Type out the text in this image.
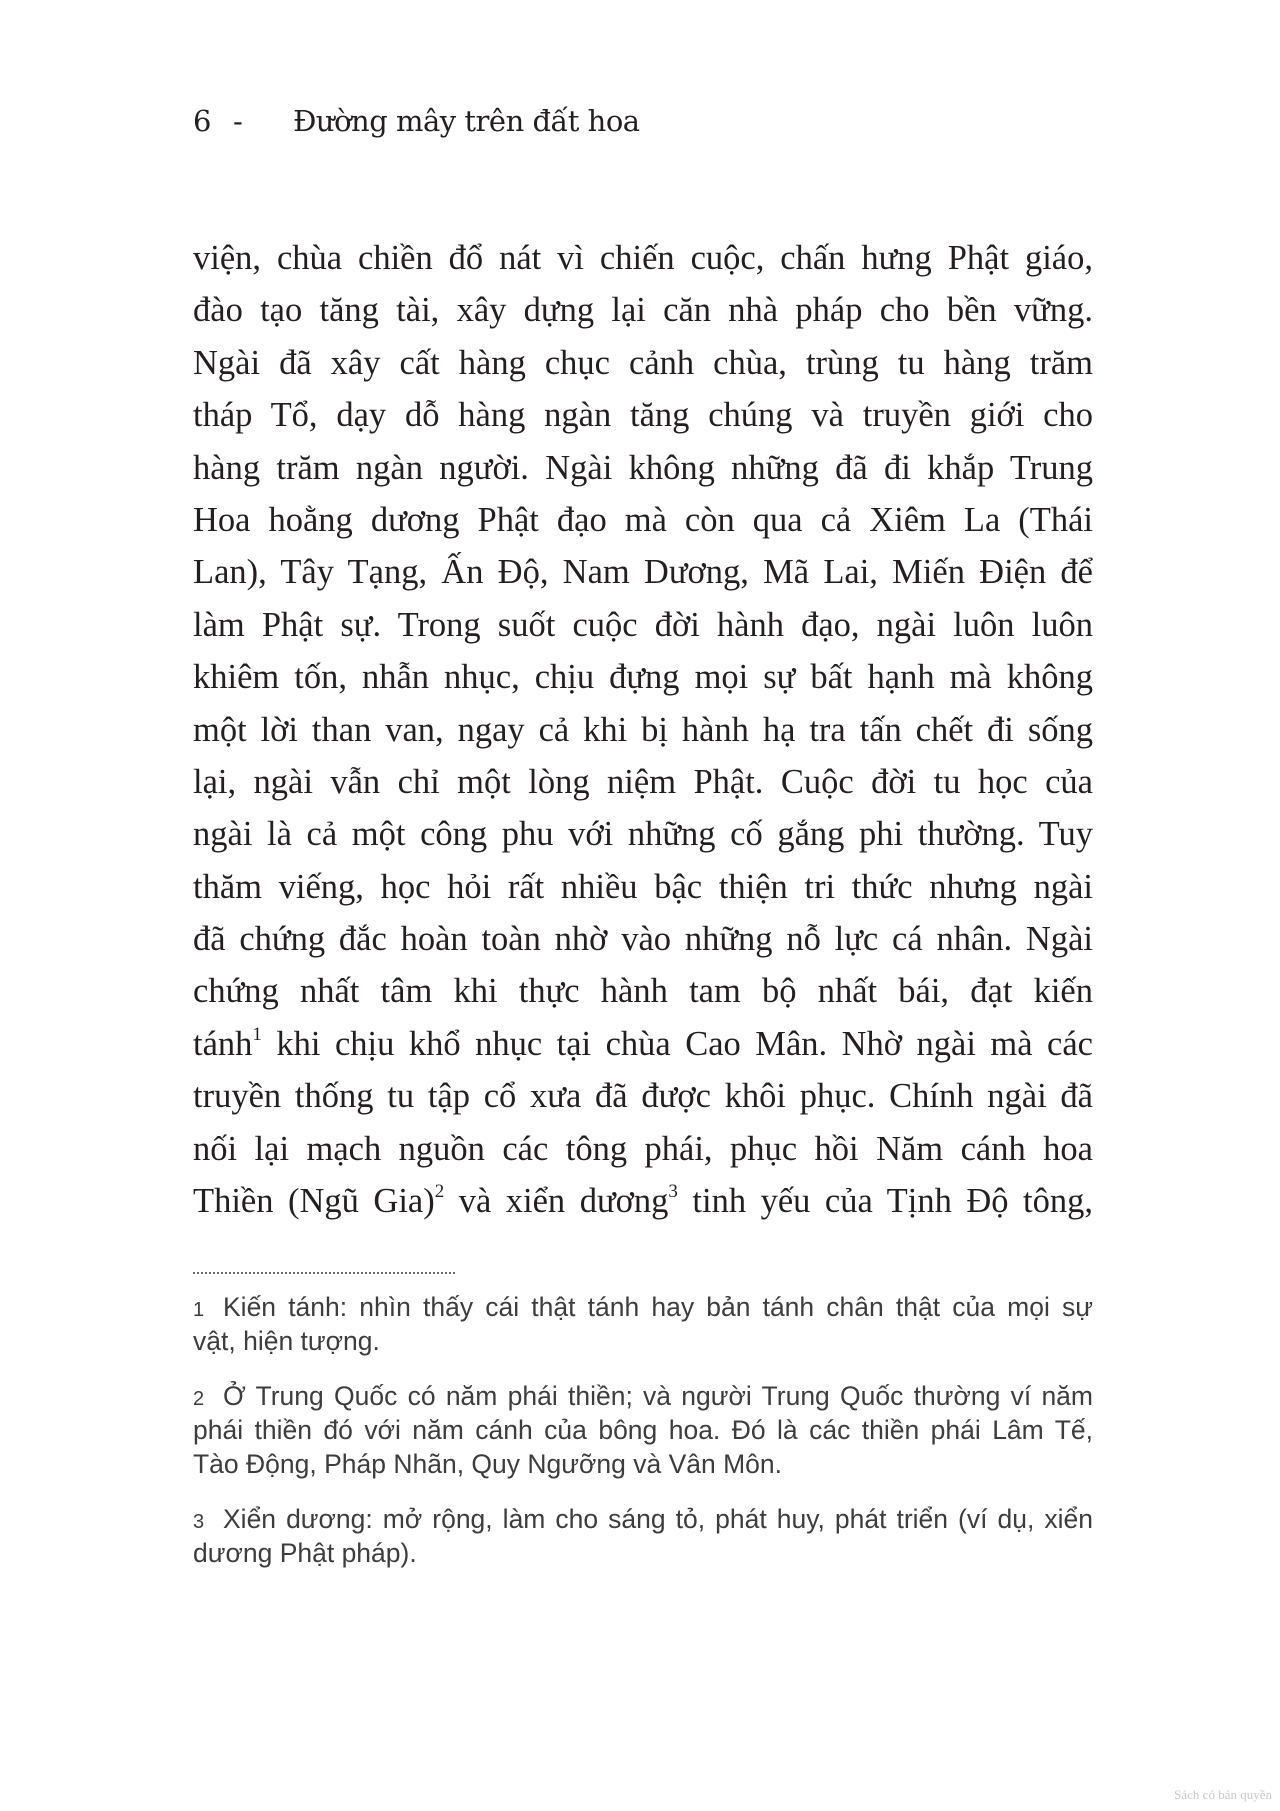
6 - Đường mây trên đất hoa
viện, chùa chiền đổ nát vì chiến cuộc, chấn hưng Phật giáo,
đào tạo tăng tài, xây dựng lại căn nhà pháp cho bền vững.
Ngài đã xây cất hàng chục cảnh chùa, trùng tu hàng trăm
tháp Tổ, dạy dỗ hàng ngàn tăng chúng và truyền giới cho
hàng trăm ngàn người. Ngài không những đã đi khắp Trung
Hoa hoằng dương Phật đạo mà còn qua cả Xiêm La (Thái
Lan), Tây Tạng, Ấn Độ, Nam Dương, Mã Lai, Miến Điện để
làm Phật sự. Trong suốt cuộc đời hành đạo, ngài luôn luôn
khiêm tốn, nhẫn nhục, chịu đựng mọi sự bất hạnh mà không
một lời than van, ngay cả khi bị hành hạ tra tấn chết đi sống
lại, ngài vẫn chỉ một lòng niệm Phật. Cuộc đời tu học của
ngài là cả một công phu với những cố gắng phi thường. Tuy
thăm viếng, học hỏi rất nhiều bậc thiện tri thức nhưng ngài
đã chứng đắc hoàn toàn nhờ vào những nỗ lực cá nhân. Ngài
chứng nhất tâm khi thực hành tam bộ nhất bái, đạt kiến
tánh$^1$ khi chịu khổ nhục tại chùa Cao Mân. Nhờ ngài mà các
truyền thống tu tập cổ xưa đã được khôi phục. Chính ngài đã
nối lại mạch nguồn các tông phái, phục hồi Năm cánh hoa
Thiền (Ngũ Gia)$^2$ và xiển dương$^3$ tinh yếu của Tịnh Độ tông,
1 Kiến tánh: nhìn thấy cái thật tánh hay bản tánh chân thật của mọi sự
vật, hiện tượng.
2 Ở Trung Quốc có năm phái thiền; và người Trung Quốc thường ví năm
phái thiền đó với năm cánh của bông hoa. Đó là các thiền phái Lâm Tế,
Tào Động, Pháp Nhãn, Quy Ngưỡng và Vân Môn.
3 Xiển dương: mở rộng, làm cho sáng tỏ, phát huy, phát triển (ví dụ, xiển
dương Phật pháp).
Sách có bản quyền
